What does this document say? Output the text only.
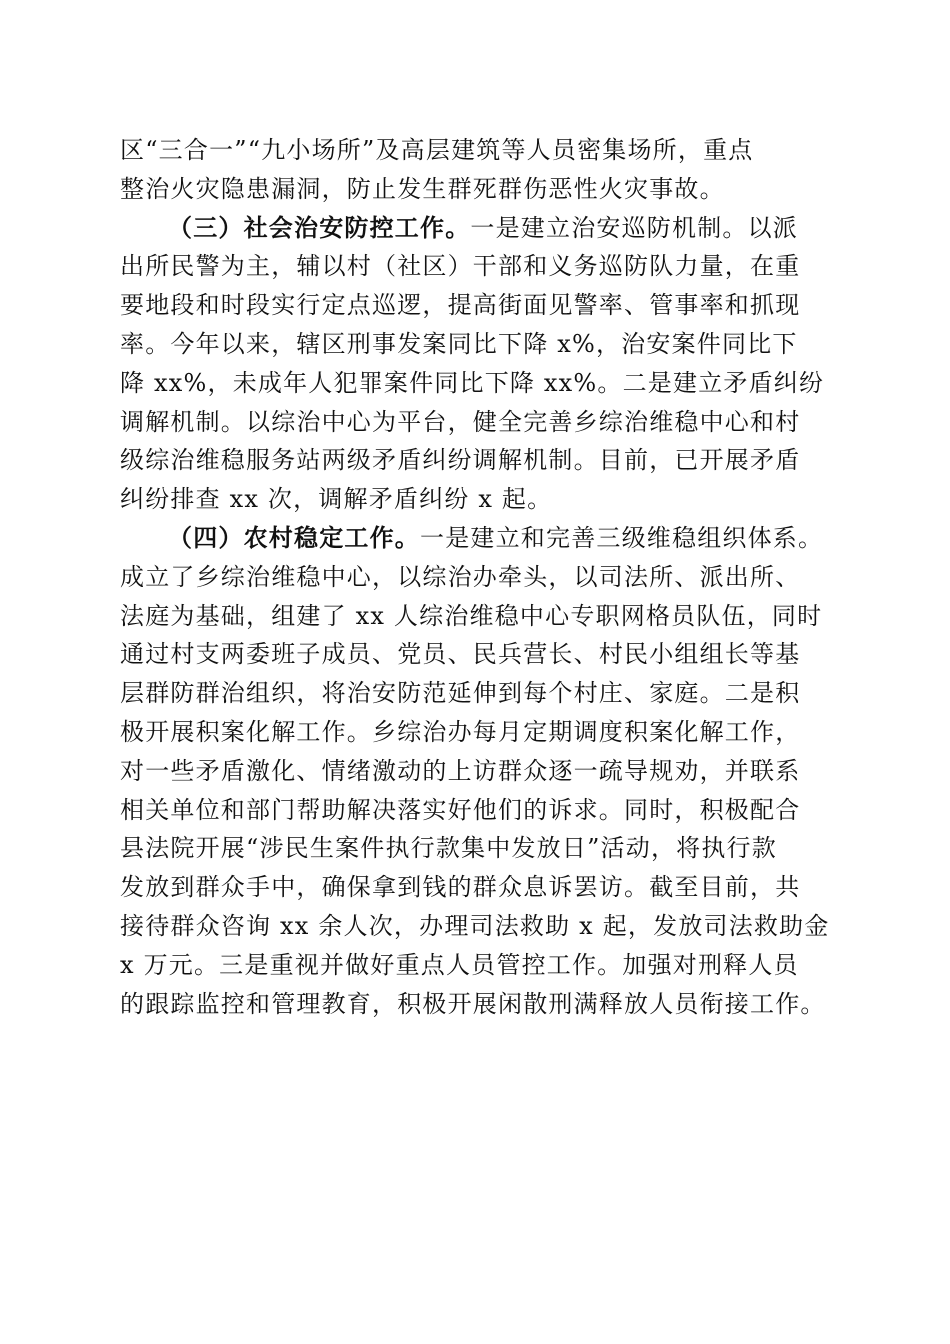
区“三合一”“九小场所”及高层建筑等人员密集场所，重点
整治火灾隐患漏洞，防止发生群死群伤恶性火灾事故。
（三）社会治安防控工作。一是建立治安巡防机制。以派
出所民警为主，辅以村（社区）干部和义务巡防队力量，在重
要地段和时段实行定点巡逻，提高街面见警率、管事率和抓现
率。今年以来，辖区刑事发案同比下降 x%，治安案件同比下
降 xx%，未成年人犯罪案件同比下降 xx%。二是建立矛盾纠纷
调解机制。以综治中心为平台，健全完善乡综治维稳中心和村
级综治维稳服务站两级矛盾纠纷调解机制。目前，已开展矛盾
纠纷排查 xx 次，调解矛盾纠纷 x 起。
（四）农村稳定工作。一是建立和完善三级维稳组织体系。
成立了乡综治维稳中心，以综治办牵头，以司法所、派出所、
法庭为基础，组建了 xx 人综治维稳中心专职网格员队伍，同时
通过村支两委班子成员、党员、民兵营长、村民小组组长等基
层群防群治组织，将治安防范延伸到每个村庄、家庭。二是积
极开展积案化解工作。乡综治办每月定期调度积案化解工作，
对一些矛盾激化、情绪激动的上访群众逐一疏导规劝，并联系
相关单位和部门帮助解决落实好他们的诉求。同时，积极配合
县法院开展“涉民生案件执行款集中发放日”活动，将执行款
发放到群众手中，确保拿到钱的群众息诉罢访。截至目前，共
接待群众咨询 xx 余人次，办理司法救助 x 起，发放司法救助金
x 万元。三是重视并做好重点人员管控工作。加强对刑释人员
的跟踪监控和管理教育，积极开展闲散刑满释放人员衔接工作。
